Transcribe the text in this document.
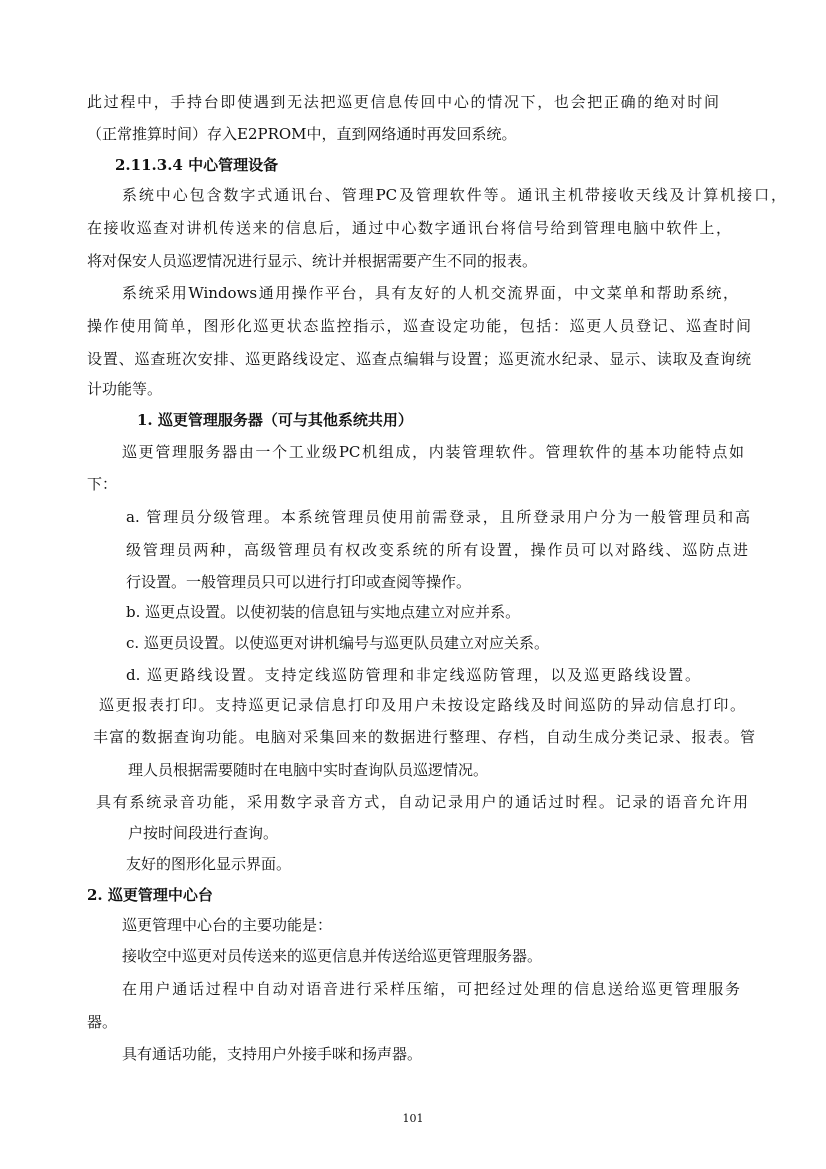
此过程中，手持台即使遇到无法把巡更信息传回中心的情况下，也会把正确的绝对时间
（正常推算时间）存入E2PROM中，直到网络通时再发回系统。
2.11.3.4 中心管理设备
系统中心包含数字式通讯台、管理PC及管理软件等。通讯主机带接收天线及计算机接口，
在接收巡查对讲机传送来的信息后，通过中心数字通讯台将信号给到管理电脑中软件上，
将对保安人员巡逻情况进行显示、统计并根据需要产生不同的报表。
系统采用Windows通用操作平台，具有友好的人机交流界面，中文菜单和帮助系统，
操作使用简单，图形化巡更状态监控指示，巡查设定功能，包括：巡更人员登记、巡查时间
设置、巡查班次安排、巡更路线设定、巡查点编辑与设置；巡更流水纪录、显示、读取及查询统
计功能等。
1. 巡更管理服务器（可与其他系统共用）
巡更管理服务器由一个工业级PC机组成，内装管理软件。管理软件的基本功能特点如
下：
a. 管理员分级管理。本系统管理员使用前需登录，且所登录用户分为一般管理员和高
级管理员两种，高级管理员有权改变系统的所有设置，操作员可以对路线、巡防点进
行设置。一般管理员只可以进行打印或查阅等操作。
b. 巡更点设置。以使初装的信息钮与实地点建立对应并系。
c. 巡更员设置。以使巡更对讲机编号与巡更队员建立对应关系。
d. 巡更路线设置。支持定线巡防管理和非定线巡防管理，以及巡更路线设置。
巡更报表打印。支持巡更记录信息打印及用户未按设定路线及时间巡防的异动信息打印。
丰富的数据查询功能。电脑对采集回来的数据进行整理、存档，自动生成分类记录、报表。管
理人员根据需要随时在电脑中实时查询队员巡逻情况。
具有系统录音功能，采用数字录音方式，自动记录用户的通话过时程。记录的语音允许用
户按时间段进行查询。
友好的图形化显示界面。
2. 巡更管理中心台
巡更管理中心台的主要功能是：
接收空中巡更对员传送来的巡更信息并传送给巡更管理服务器。
在用户通话过程中自动对语音进行采样压缩，可把经过处理的信息送给巡更管理服务
器。
具有通话功能，支持用户外接手咪和扬声器。
101
